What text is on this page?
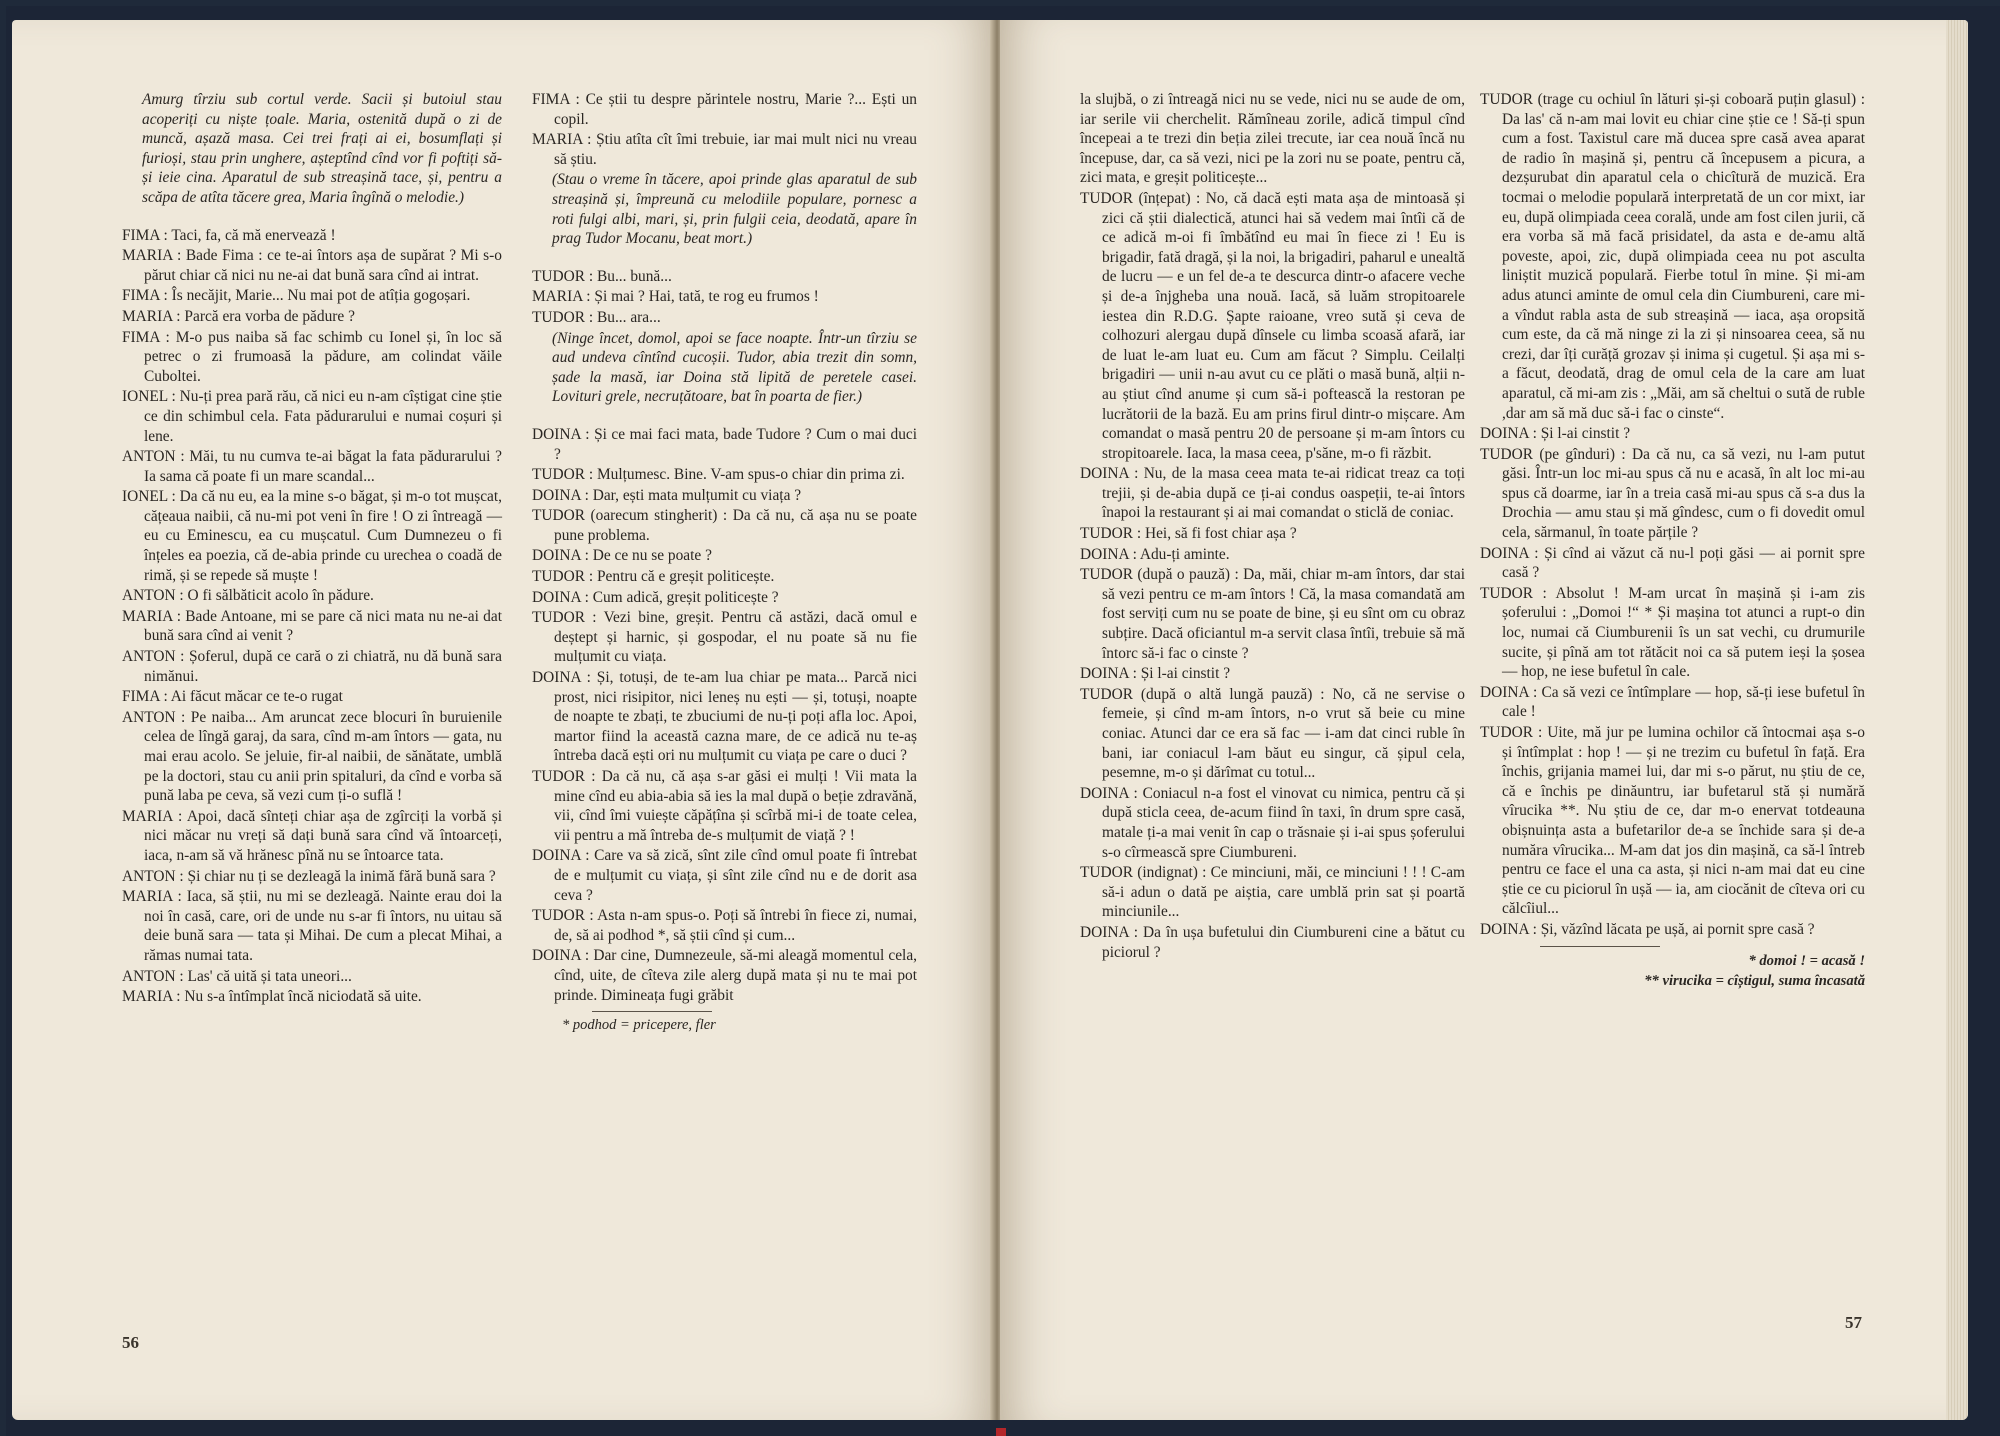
Amurg tîrziu sub cortul verde. Sacii și butoiul stau acoperiți cu niște țoale. Maria, ostenită după o zi de muncă, așază masa. Cei trei frați ai ei, bosumflați și furioși, stau prin unghere, așteptînd cînd vor fi poftiți să-și ieie cina. Aparatul de sub streașină tace, și, pentru a scăpa de atîta tăcere grea, Maria îngînă o melodie.)
FIMA : Taci, fa, că mă enervează !
MARIA : Bade Fima : ce te-ai întors așa de supărat ? Mi s-o părut chiar că nici nu ne-ai dat bună sara cînd ai intrat.
FIMA : Îs necăjit, Marie... Nu mai pot de atîția gogoșari.
MARIA : Parcă era vorba de pădure ?
FIMA : M-o pus naiba să fac schimb cu Ionel și, în loc să petrec o zi frumoasă la pădure, am colindat văile Cuboltei.
IONEL : Nu-ți prea pară rău, că nici eu n-am cîștigat cine știe ce din schimbul cela. Fata pădurarului e numai coșuri și lene.
ANTON : Măi, tu nu cumva te-ai băgat la fata pădurarului ? Ia sama că poate fi un mare scandal...
IONEL : Da că nu eu, ea la mine s-o băgat, și m-o tot mușcat, cățeaua naibii, că nu-mi pot veni în fire ! O zi întreagă — eu cu Eminescu, ea cu mușcatul. Cum Dumnezeu o fi înțeles ea poezia, că de-abia prinde cu urechea o coadă de rimă, și se repede să muște !
ANTON : O fi sălbăticit acolo în pădure.
MARIA : Bade Antoane, mi se pare că nici mata nu ne-ai dat bună sara cînd ai venit ?
ANTON : Șoferul, după ce cară o zi chiatră, nu dă bună sara nimănui.
FIMA : Ai făcut măcar ce te-o rugat
ANTON : Pe naiba... Am aruncat zece blocuri în buruienile celea de lîngă garaj, da sara, cînd m-am întors — gata, nu mai erau acolo. Se jeluie, fir-al naibii, de sănătate, umblă pe la doctori, stau cu anii prin spitaluri, da cînd e vorba să pună laba pe ceva, să vezi cum ți-o suflă !
MARIA : Apoi, dacă sînteți chiar așa de zgîrciți la vorbă și nici măcar nu vreți să dați bună sara cînd vă întoarceți, iaca, n-am să vă hrănesc pînă nu se întoarce tata.
ANTON : Și chiar nu ți se dezleagă la inimă fără bună sara ?
MARIA : Iaca, să știi, nu mi se dezleagă. Nainte erau doi la noi în casă, care, ori de unde nu s-ar fi întors, nu uitau să deie bună sara — tata și Mihai. De cum a plecat Mihai, a rămas numai tata.
ANTON : Las' că uită și tata uneori...
MARIA : Nu s-a întîmplat încă niciodată să uite.
FIMA : Ce știi tu despre părintele nostru, Marie ?... Ești un copil.
MARIA : Știu atîta cît îmi trebuie, iar mai mult nici nu vreau să știu.
(Stau o vreme în tăcere, apoi prinde glas aparatul de sub streașină și, împreună cu melodiile populare, pornesc a roti fulgi albi, mari, și, prin fulgii ceia, deodată, apare în prag Tudor Mocanu, beat mort.)
TUDOR : Bu... bună...
MARIA : Și mai ? Hai, tată, te rog eu frumos !
TUDOR : Bu... ara...
(Ninge încet, domol, apoi se face noapte. Într-un tîrziu se aud undeva cîntînd cucoșii. Tudor, abia trezit din somn, șade la masă, iar Doina stă lipită de peretele casei. Lovituri grele, necruțătoare, bat în poarta de fier.)
DOINA : Și ce mai faci mata, bade Tudore ? Cum o mai duci ?
TUDOR : Mulțumesc. Bine. V-am spus-o chiar din prima zi.
DOINA : Dar, ești mata mulțumit cu viața ?
TUDOR (oarecum stingherit) : Da că nu, că așa nu se poate pune problema.
DOINA : De ce nu se poate ?
TUDOR : Pentru că e greșit politicește.
DOINA : Cum adică, greșit politicește ?
TUDOR : Vezi bine, greșit. Pentru că astăzi, dacă omul e deștept și harnic, și gospodar, el nu poate să nu fie mulțumit cu viața.
DOINA : Și, totuși, de te-am lua chiar pe mata... Parcă nici prost, nici risipitor, nici leneș nu ești — și, totuși, noapte de noapte te zbați, te zbuciumi de nu-ți poți afla loc. Apoi, martor fiind la această cazna mare, de ce adică nu te-aș întreba dacă ești ori nu mulțumit cu viața pe care o duci ?
TUDOR : Da că nu, că așa s-ar găsi ei mulți ! Vii mata la mine cînd eu abia-abia să ies la mal după o beție zdravănă, vii, cînd îmi vuiește căpățîna și scîrbă mi-i de toate celea, vii pentru a mă întreba de-s mulțumit de viață ? !
DOINA : Care va să zică, sînt zile cînd omul poate fi întrebat de e mulțumit cu viața, și sînt zile cînd nu e de dorit asa ceva ?
TUDOR : Asta n-am spus-o. Poți să întrebi în fiece zi, numai, de, să ai podhod *, să știi cînd și cum...
DOINA : Dar cine, Dumnezeule, să-mi aleagă momentul cela, cînd, uite, de cîteva zile alerg după mata și nu te mai pot prinde. Dimineața fugi grăbit
* podhod = pricepere, fler
56
la slujbă, o zi întreagă nici nu se vede, nici nu se aude de om, iar serile vii cherchelit. Rămîneau zorile, adică timpul cînd începeai a te trezi din beția zilei trecute, iar cea nouă încă nu începuse, dar, ca să vezi, nici pe la zori nu se poate, pentru că, zici mata, e greșit politicește...
TUDOR (înțepat) : No, că dacă ești mata așa de mintoasă și zici că știi dialectică, atunci hai să vedem mai întîi că de ce adică m-oi fi îmbătînd eu mai în fiece zi ! Eu is brigadir, fată dragă, și la noi, la brigadiri, paharul e unealtă de lucru — e un fel de-a te descurca dintr-o afacere veche și de-a înjgheba una nouă. Iacă, să luăm stropitoarele iestea din R.D.G. Șapte raioane, vreo sută și ceva de colhozuri alergau după dînsele cu limba scoasă afară, iar de luat le-am luat eu. Cum am făcut ? Simplu. Ceilalți brigadiri — unii n-au avut cu ce plăti o masă bună, alții n-au știut cînd anume și cum să-i poftească la restoran pe lucrătorii de la bază. Eu am prins firul dintr-o mișcare. Am comandat o masă pentru 20 de persoane și m-am întors cu stropitoarele. Iaca, la masa ceea, p'săne, m-o fi răzbit.
DOINA : Nu, de la masa ceea mata te-ai ridicat treaz ca toți trejii, și de-abia după ce ți-ai condus oaspeții, te-ai întors înapoi la restaurant și ai mai comandat o sticlă de coniac.
TUDOR : Hei, să fi fost chiar așa ?
DOINA : Adu-ți aminte.
TUDOR (după o pauză) : Da, măi, chiar m-am întors, dar stai să vezi pentru ce m-am întors ! Că, la masa comandată am fost serviți cum nu se poate de bine, și eu sînt om cu obraz subțire. Dacă oficiantul m-a servit clasa întîi, trebuie să mă întorc să-i fac o cinste ?
DOINA : Și l-ai cinstit ?
TUDOR (după o altă lungă pauză) : No, că ne servise o femeie, și cînd m-am întors, n-o vrut să beie cu mine coniac. Atunci dar ce era să fac — i-am dat cinci ruble în bani, iar coniacul l-am băut eu singur, că șipul cela, pesemne, m-o și dărîmat cu totul...
DOINA : Coniacul n-a fost el vinovat cu nimica, pentru că și după sticla ceea, de-acum fiind în taxi, în drum spre casă, matale ți-a mai venit în cap o trăsnaie și i-ai spus șoferului s-o cîrmească spre Ciumbureni.
TUDOR (indignat) : Ce minciuni, măi, ce minciuni ! ! ! C-am să-i adun o dată pe aiștia, care umblă prin sat și poartă minciunile...
DOINA : Da în ușa bufetului din Ciumbureni cine a bătut cu piciorul ?
TUDOR (trage cu ochiul în lături și-și coboară puțin glasul) : Da las' că n-am mai lovit eu chiar cine știe ce ! Să-ți spun cum a fost. Taxistul care mă ducea spre casă avea aparat de radio în mașină și, pentru că începusem a picura, a dezșurubat din aparatul cela o chicîtură de muzică. Era tocmai o melodie populară interpretată de un cor mixt, iar eu, după olimpiada ceea corală, unde am fost cilen jurii, că era vorba să mă facă prisidatel, da asta e de-amu altă poveste, apoi, zic, după olimpiada ceea nu pot asculta liniștit muzică populară. Fierbe totul în mine. Și mi-am adus atunci aminte de omul cela din Ciumbureni, care mi-a vîndut rabla asta de sub streașină — iaca, așa oropsită cum este, da că mă ninge zi la zi și ninsoarea ceea, să nu crezi, dar îți curăță grozav și inima și cugetul. Și așa mi s-a făcut, deodată, drag de omul cela de la care am luat aparatul, că mi-am zis : „Măi, am să cheltui o sută de ruble ,dar am să mă duc să-i fac o cinste“.
DOINA : Și l-ai cinstit ?
TUDOR (pe gînduri) : Da că nu, ca să vezi, nu l-am putut găsi. Într-un loc mi-au spus că nu e acasă, în alt loc mi-au spus că doarme, iar în a treia casă mi-au spus că s-a dus la Drochia — amu stau și mă gîndesc, cum o fi dovedit omul cela, sărmanul, în toate părțile ?
DOINA : Și cînd ai văzut că nu-l poți găsi — ai pornit spre casă ?
TUDOR : Absolut ! M-am urcat în mașină și i-am zis șoferului : „Domoi !“ * Și mașina tot atunci a rupt-o din loc, numai că Ciumburenii îs un sat vechi, cu drumurile sucite, și pînă am tot rătăcit noi ca să putem ieși la șosea — hop, ne iese bufetul în cale.
DOINA : Ca să vezi ce întîmplare — hop, să-ți iese bufetul în cale !
TUDOR : Uite, mă jur pe lumina ochilor că întocmai așa s-o și întîmplat : hop ! — și ne trezim cu bufetul în față. Era închis, grijania mamei lui, dar mi s-o părut, nu știu de ce, că e închis pe dinăuntru, iar bufetarul stă și numără vîrucika **. Nu știu de ce, dar m-o enervat totdeauna obișnuința asta a bufetarilor de-a se închide sara și de-a număra vîrucika... M-am dat jos din mașină, ca să-l întreb pentru ce face el una ca asta, și nici n-am mai dat eu cine știe ce cu piciorul în ușă — ia, am ciocănit de cîteva ori cu călcîiul...
DOINA : Și, văzînd lăcata pe ușă, ai pornit spre casă ?
* domoi ! = acasă !
** virucika = cîștigul, suma încasată
57
